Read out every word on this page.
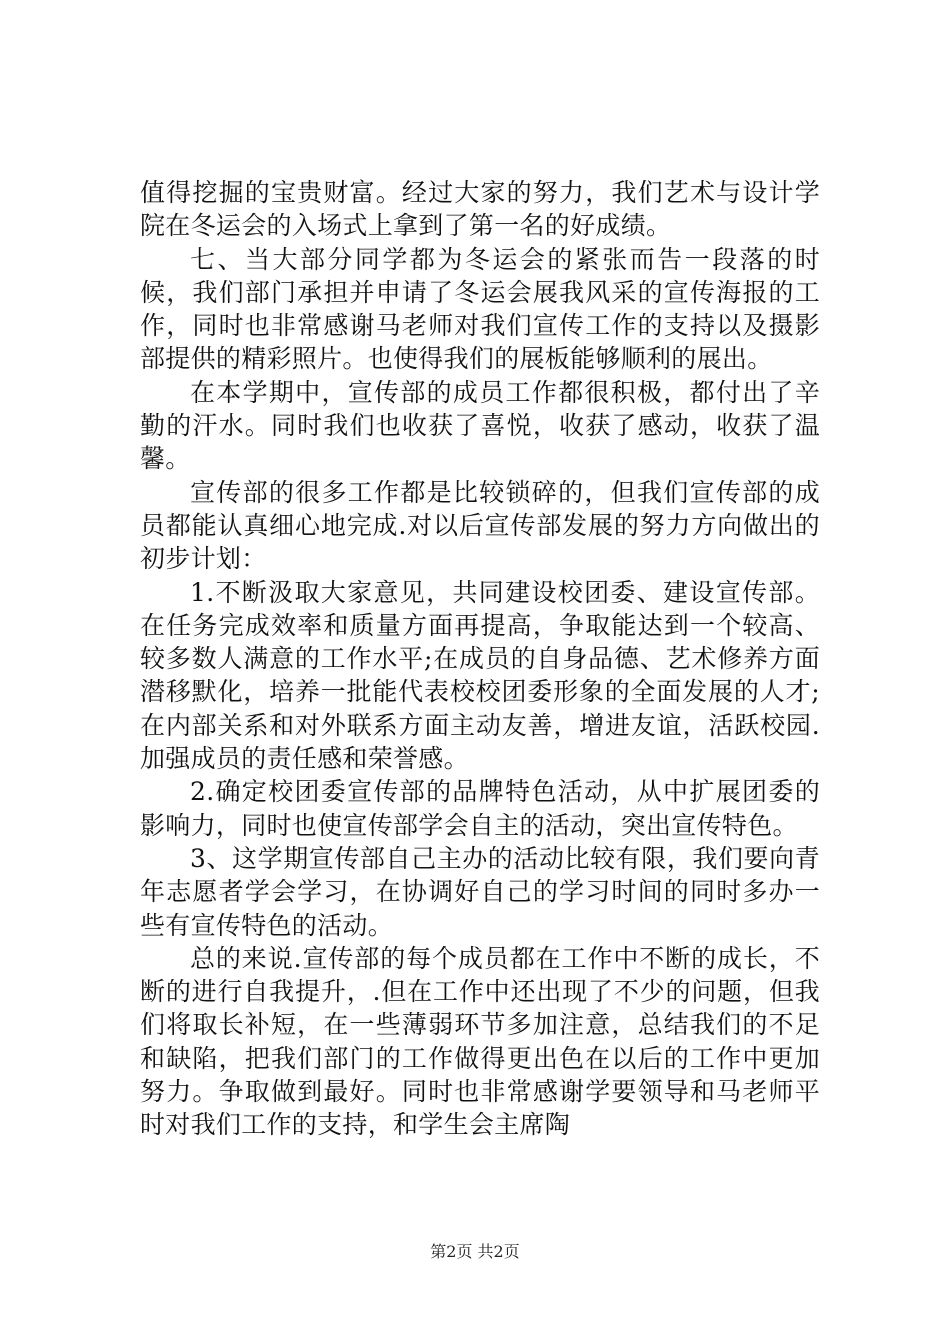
值得挖掘的宝贵财富。经过大家的努力，我们艺术与设计学院在冬运会的入场式上拿到了第一名的好成绩。

七、当大部分同学都为冬运会的紧张而告一段落的时候，我们部门承担并申请了冬运会展我风采的宣传海报的工作，同时也非常感谢马老师对我们宣传工作的支持以及摄影部提供的精彩照片。也使得我们的展板能够顺利的展出。

在本学期中，宣传部的成员工作都很积极，都付出了辛勤的汗水。同时我们也收获了喜悦，收获了感动，收获了温馨。

宣传部的很多工作都是比较锁碎的，但我们宣传部的成员都能认真细心地完成.对以后宣传部发展的努力方向做出的初步计划：

1.不断汲取大家意见，共同建设校团委、建设宣传部。在任务完成效率和质量方面再提高，争取能达到一个较高、较多数人满意的工作水平;在成员的自身品德、艺术修养方面潜移默化，培养一批能代表校校团委形象的全面发展的人才;在内部关系和对外联系方面主动友善，增进友谊，活跃校园.加强成员的责任感和荣誉感。

2.确定校团委宣传部的品牌特色活动，从中扩展团委的影响力，同时也使宣传部学会自主的活动，突出宣传特色。

3、这学期宣传部自己主办的活动比较有限，我们要向青年志愿者学会学习，在协调好自己的学习时间的同时多办一些有宣传特色的活动。

总的来说.宣传部的每个成员都在工作中不断的成长，不断的进行自我提升，.但在工作中还出现了不少的问题，但我们将取长补短，在一些薄弱环节多加注意，总结我们的不足和缺陷，把我们部门的工作做得更出色在以后的工作中更加努力。争取做到最好。同时也非常感谢学要领导和马老师平时对我们工作的支持，和学生会主席陶

第2页 共2页
